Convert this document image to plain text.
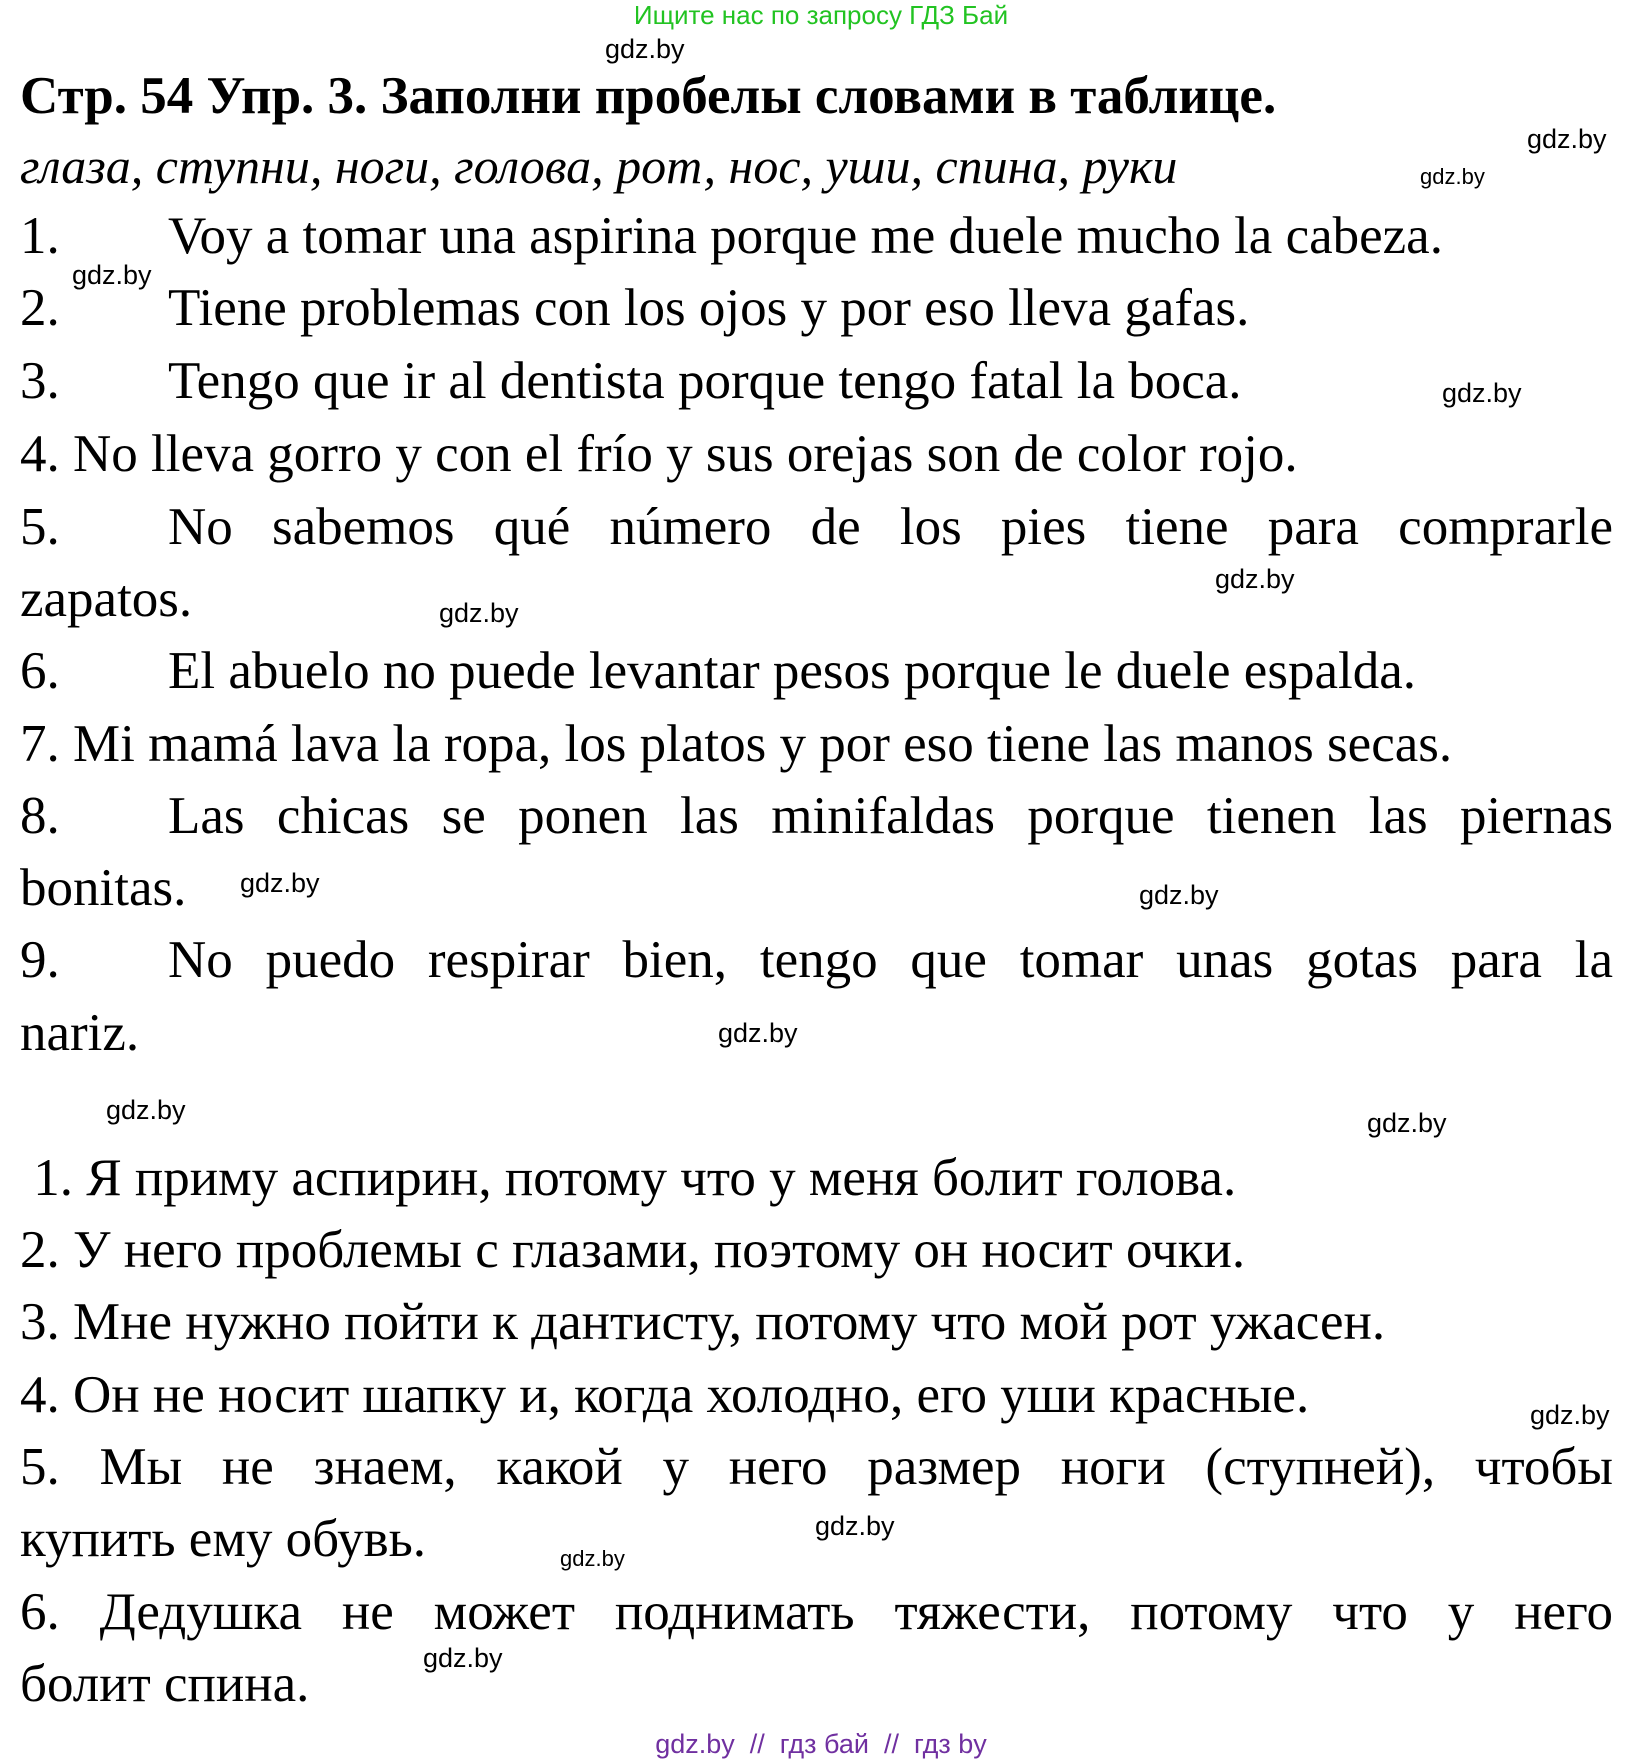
Ищите нас по запросу ГДЗ Бай
Стр. 54 Упр. 3. Заполни пробелы словами в таблице.
глаза, ступни, ноги, голова, рот, нос, уши, спина, руки
1. Voy a tomar una aspirina porque me duele mucho la cabeza.
2. Tiene problemas con los ojos y por eso lleva gafas.
3. Tengo que ir al dentista porque tengo fatal la boca.
4. No lleva gorro y con el frío y sus orejas son de color rojo.
5. No sabemos qué número de los pies tiene para comprarle
zapatos.
6. El abuelo no puede levantar pesos porque le duele espalda.
7. Mi mamá lava la ropa, los platos y por eso tiene las manos secas.
8. Las chicas se ponen las minifaldas porque tienen las piernas
bonitas.
9. No puedo respirar bien, tengo que tomar unas gotas para la
nariz.
1. Я приму аспирин, потому что у меня болит голова.
2. У него проблемы с глазами, поэтому он носит очки.
3. Мне нужно пойти к дантисту, потому что мой рот ужасен.
4. Он не носит шапку и, когда холодно, его уши красные.
5. Мы не знаем, какой у него размер ноги (ступней), чтобы
купить ему обувь.
6. Дедушка не может поднимать тяжести, потому что у него
болит спина.
gdz.by
gdz.by
gdz.by
gdz.by
gdz.by
gdz.by
gdz.by
gdz.by	gdz.by
gdz.by
gdz.by	gdz.by
gdz.by
gdz.by
gdz.by
gdz.by
gdz.by  //  гдз бай  //  гдз by
